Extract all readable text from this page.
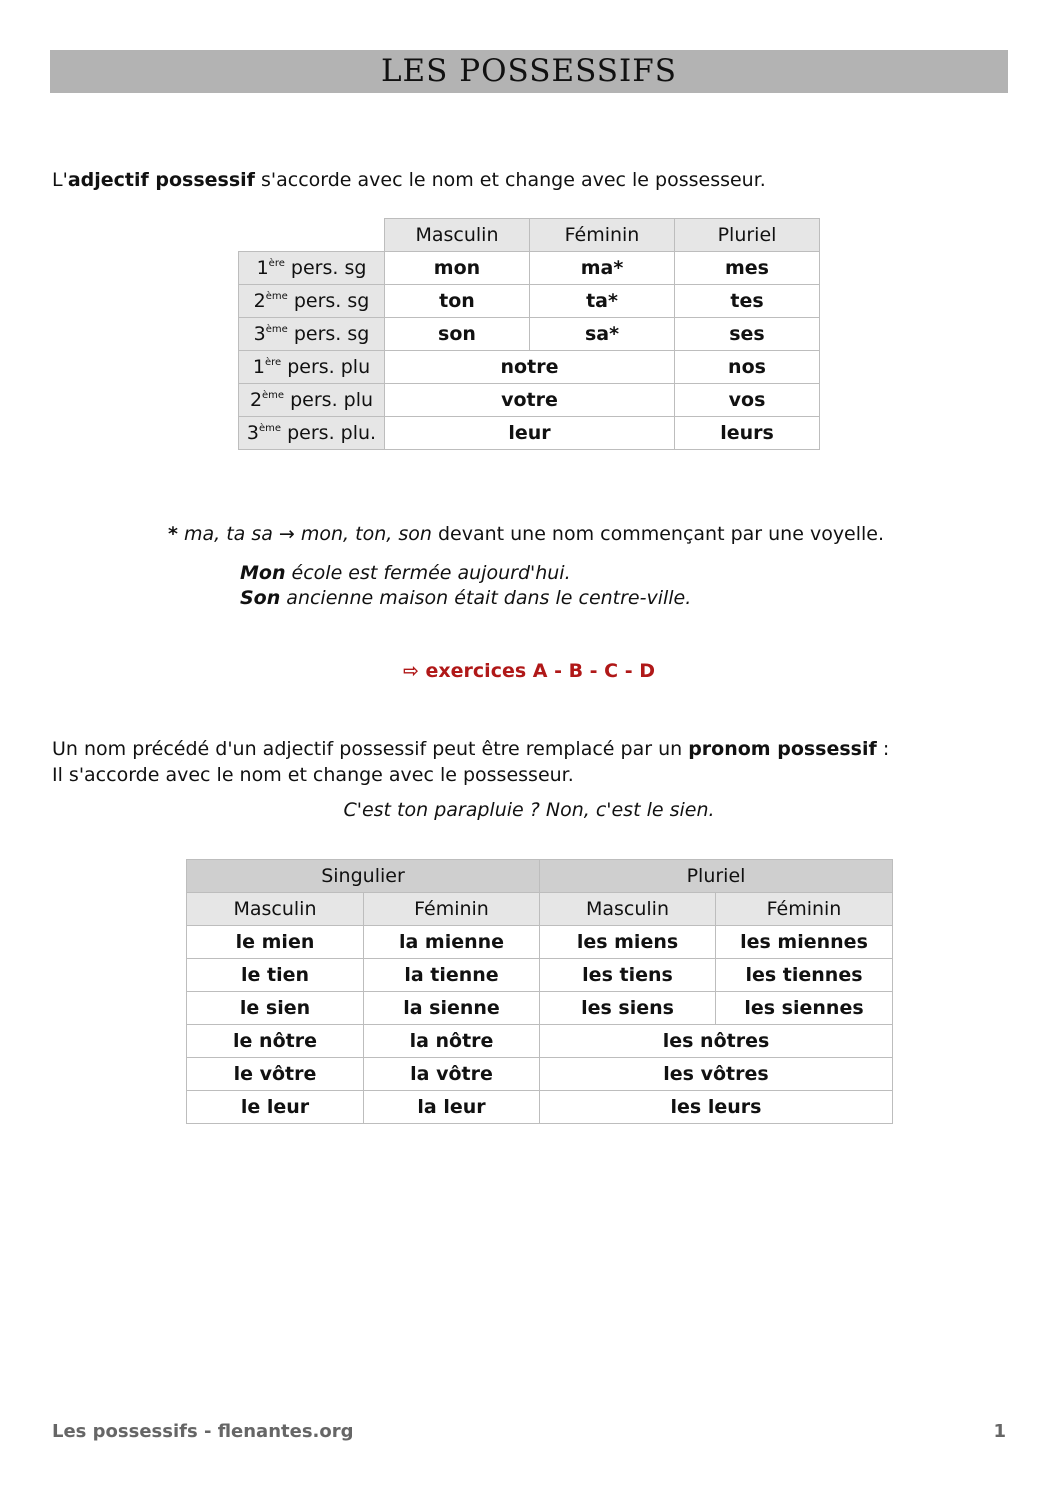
LES POSSESSIFS
L'adjectif possessif s'accorde avec le nom et change avec le possesseur.
	Masculin	Féminin	Pluriel
1ère pers. sg	mon	ma*	mes
2ème pers. sg	ton	ta*	tes
3ème pers. sg	son	sa*	ses
1ère pers. plu	notre		nos
2ème pers. plu	votre		vos
3ème pers. plu.	leur		leurs
* ma, ta sa → mon, ton, son devant une nom commençant par une voyelle.
Mon école est fermée aujourd'hui.
Son ancienne maison était dans le centre-ville.
⇨ exercices A - B - C - D
Un nom précédé d'un adjectif possessif peut être remplacé par un pronom possessif :
Il s'accorde avec le nom et change avec le possesseur.
C'est ton parapluie ? Non, c'est le sien.
Singulier		Pluriel	
Masculin	Féminin	Masculin	Féminin
le mien	la mienne	les miens	les miennes
le tien	la tienne	les tiens	les tiennes
le sien	la sienne	les siens	les siennes
le nôtre	la nôtre	les nôtres	
le vôtre	la vôtre	les vôtres	
le leur	la leur	les leurs	
Les possessifs - flenantes.org	1
